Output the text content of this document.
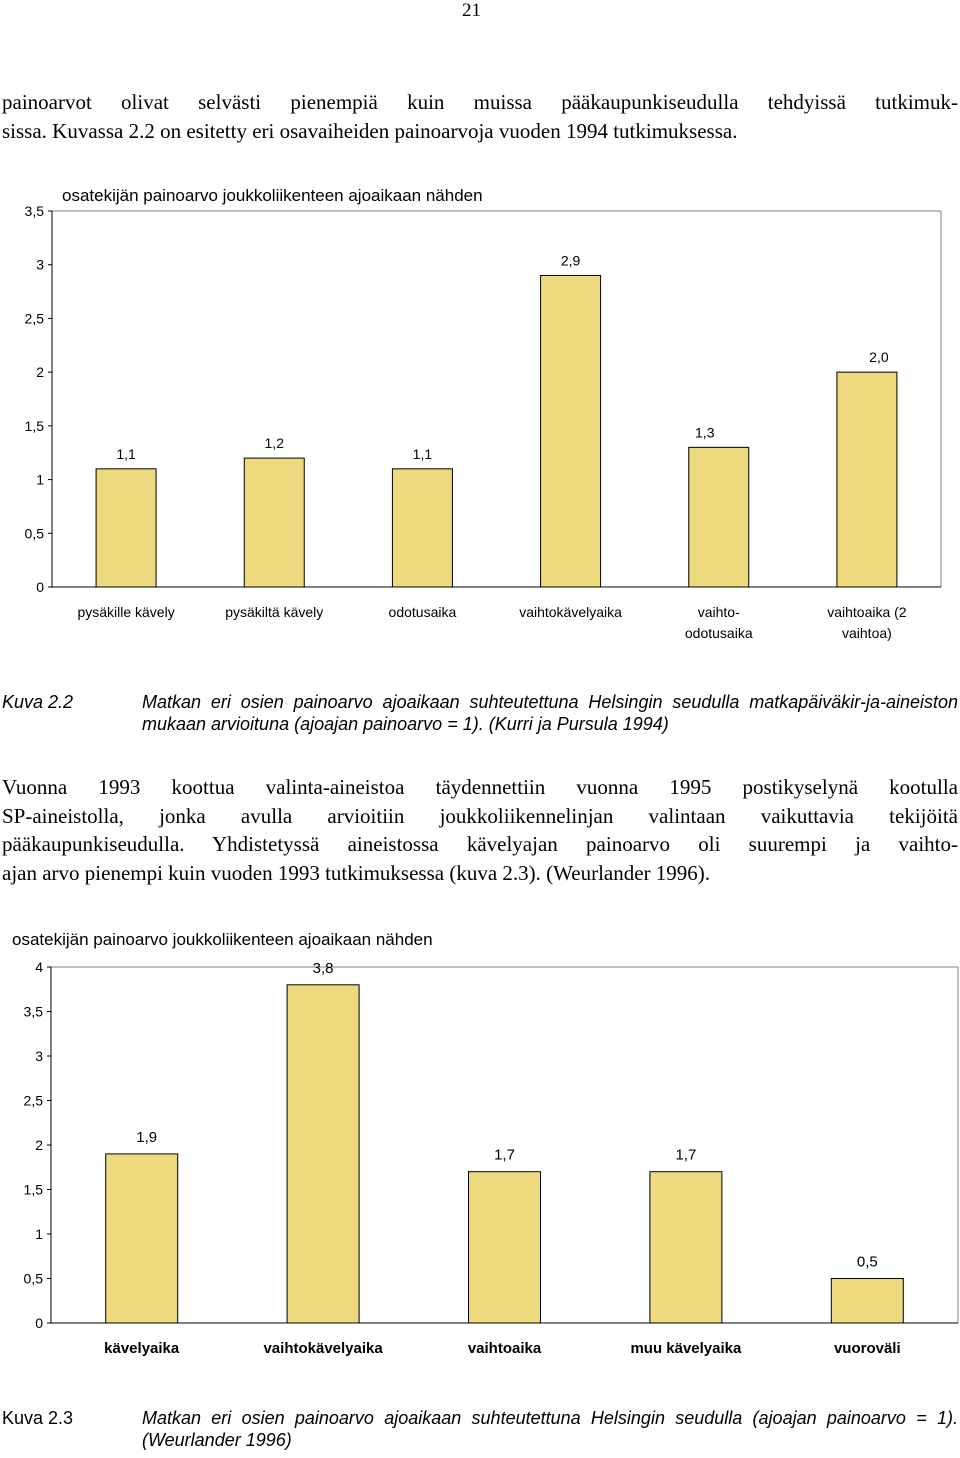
21
painoarvot olivat selvästi pienempiä kuin muissa pääkaupunkiseudulla tehdyissä tutkimuk-
sissa. Kuvassa 2.2 on esitetty eri osavaiheiden painoarvoja vuoden 1994 tutkimuksessa.
osatekijän painoarvo joukkoliikenteen ajoaikaan nähden
0
0,5
1
1,5
2
2,5
3
3,5
1,1
pysäkille kävely
1,2
pysäkiltä kävely
1,1
odotusaika
2,9
vaihtokävelyaika
1,3
vaihto-
odotusaika
2,0
vaihtoaika (2
vaihtoa)
Kuva 2.2	Matkan eri osien painoarvo ajoaikaan suhteutettuna Helsingin seudulla matkapäiväkir-ja-aineiston mukaan arvioituna (ajoajan painoarvo = 1). (Kurri ja Pursula 1994)
Vuonna 1993 koottua valinta-aineistoa täydennettiin vuonna 1995 postikyselynä kootulla
SP-aineistolla, jonka avulla arvioitiin joukkoliikennelinjan valintaan vaikuttavia tekijöitä
pääkaupunkiseudulla. Yhdistetyssä aineistossa kävelyajan painoarvo oli suurempi ja vaihto-
ajan arvo pienempi kuin vuoden 1993 tutkimuksessa (kuva 2.3). (Weurlander 1996).
osatekijän painoarvo joukkoliikenteen ajoaikaan nähden
0
0,5
1
1,5
2
2,5
3
3,5
4
1,9
kävelyaika
3,8
vaihtokävelyaika
1,7
vaihtoaika
1,7
muu kävelyaika
0,5
vuoroväli
Kuva 2.3	Matkan eri osien painoarvo ajoaikaan suhteutettuna Helsingin seudulla (ajoajan painoarvo = 1). (Weurlander 1996)
